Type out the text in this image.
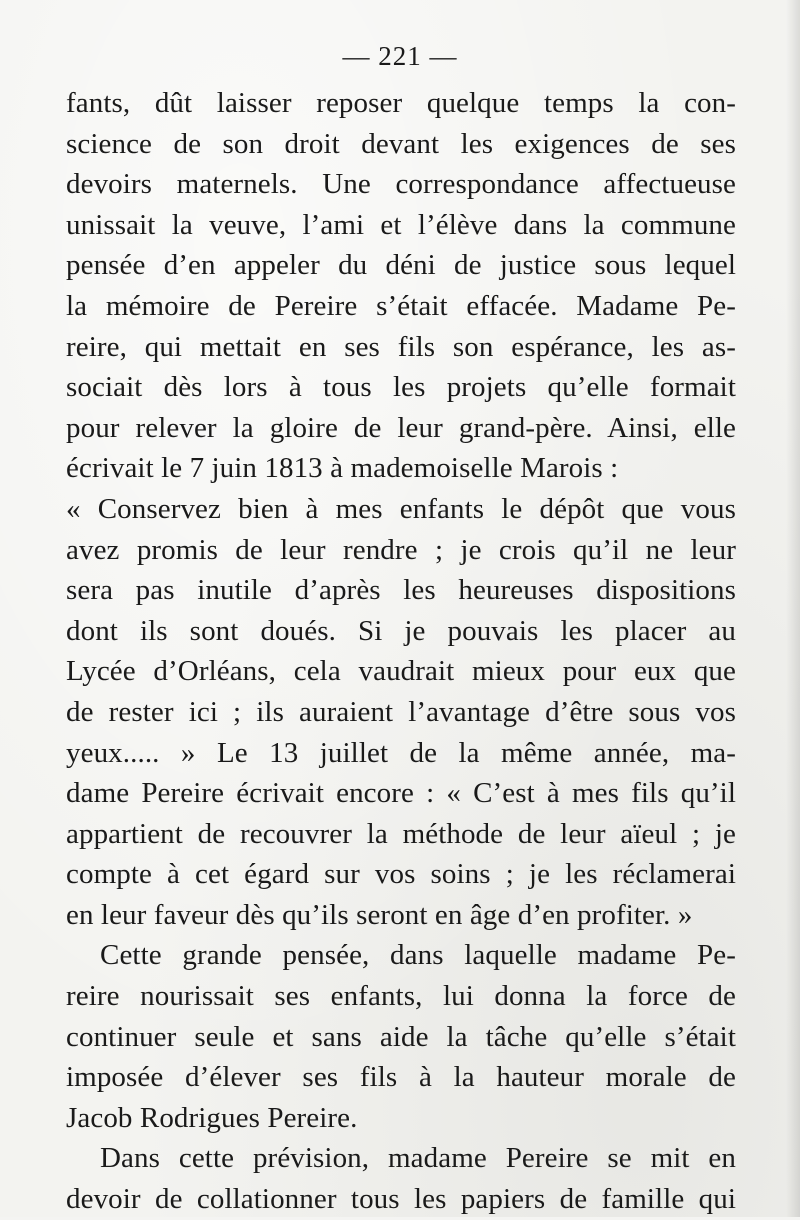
— 221 —
fants, dût laisser reposer quelque temps la con-
science de son droit devant les exigences de ses
devoirs maternels. Une correspondance affectueuse
unissait la veuve, l’ami et l’élève dans la commune
pensée d’en appeler du déni de justice sous lequel
la mémoire de Pereire s’était effacée. Madame Pe-
reire, qui mettait en ses fils son espérance, les as-
sociait dès lors à tous les projets qu’elle formait
pour relever la gloire de leur grand-père. Ainsi, elle
écrivait le 7 juin 1813 à mademoiselle Marois :
« Conservez bien à mes enfants le dépôt que vous
avez promis de leur rendre ; je crois qu’il ne leur
sera pas inutile d’après les heureuses dispositions
dont ils sont doués. Si je pouvais les placer au
Lycée d’Orléans, cela vaudrait mieux pour eux que
de rester ici ; ils auraient l’avantage d’être sous vos
yeux..... » Le 13 juillet de la même année, ma-
dame Pereire écrivait encore : « C’est à mes fils qu’il
appartient de recouvrer la méthode de leur aïeul ; je
compte à cet égard sur vos soins ; je les réclamerai
en leur faveur dès qu’ils seront en âge d’en profiter. »
Cette grande pensée, dans laquelle madame Pe-
reire nourissait ses enfants, lui donna la force de
continuer seule et sans aide la tâche qu’elle s’était
imposée d’élever ses fils à la hauteur morale de
Jacob Rodrigues Pereire.
Dans cette prévision, madame Pereire se mit en
devoir de collationner tous les papiers de famille qui
